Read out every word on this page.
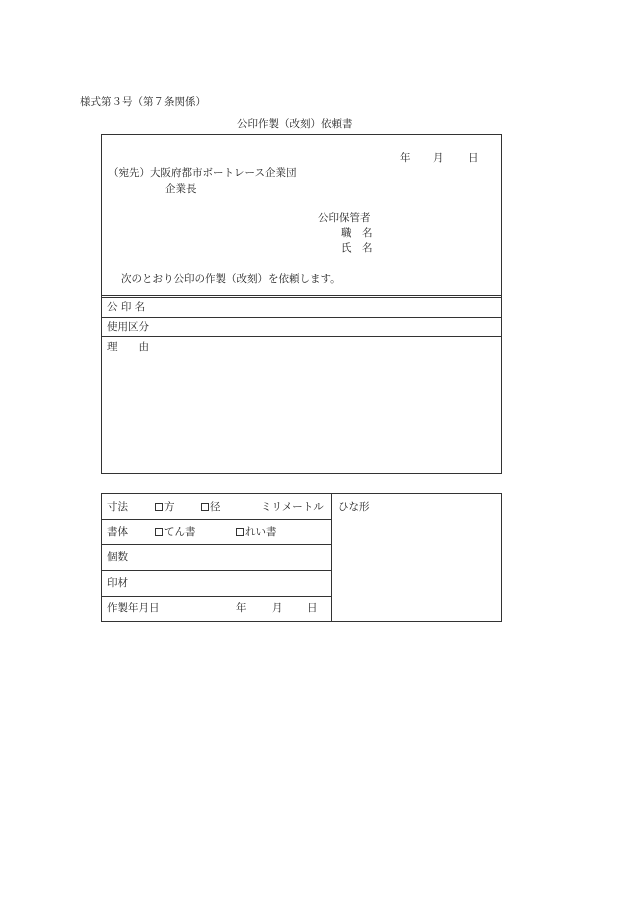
様式第３号（第７条関係）
公印作製（改刻）依頼書
年 月 日
（宛先）大阪府都市ボートレース企業団
企業長
公印保管者
職　名
氏　名
次のとおり公印の作製（改刻）を依頼します。
公 印 名
使用区分
理　　由
寸法	方	径	ミリメートル
書体	てん書	れい書
個数
印材
作製年月日	年 月 日
ひな形
